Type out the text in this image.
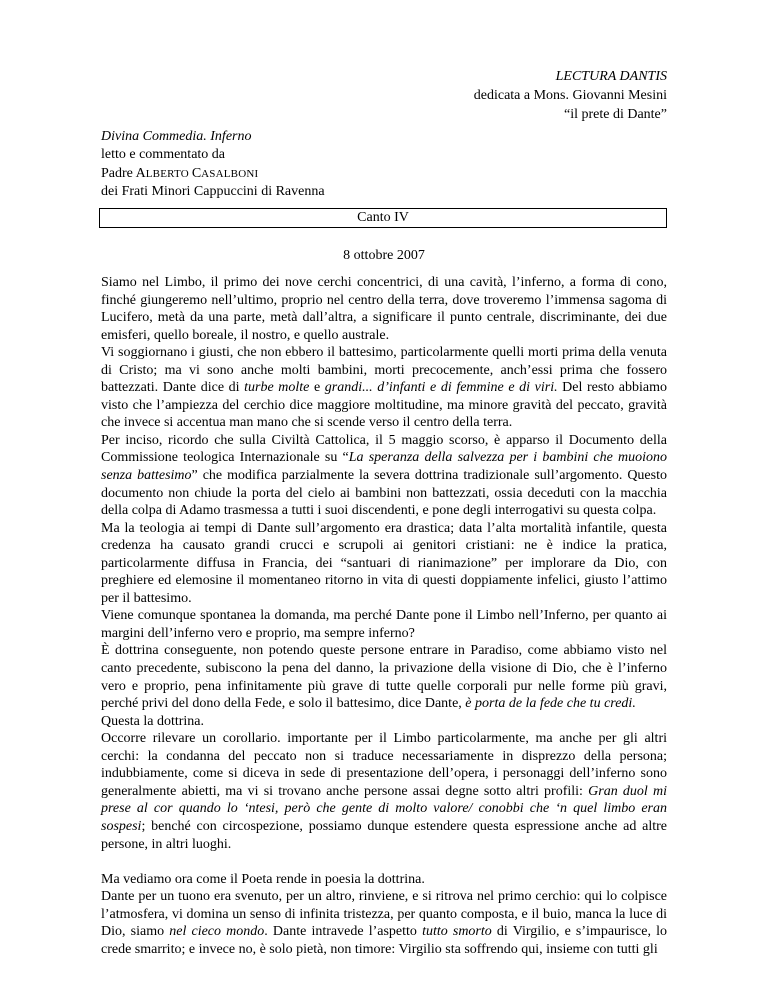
LECTURA DANTIS
dedicata a Mons. Giovanni Mesini
“il prete di Dante”
Divina Commedia. Inferno
letto e commentato da
Padre ALBERTO CASALBONI
dei Frati Minori Cappuccini di Ravenna
Canto IV
8 ottobre 2007

Siamo nel Limbo, il primo dei nove cerchi concentrici, di una cavità, l’inferno, a forma di cono, finché giungeremo nell’ultimo, proprio nel centro della terra, dove troveremo l’immensa sagoma di Lucifero, metà da una parte, metà dall’altra, a significare il punto centrale, discriminante, dei due emisferi, quello boreale, il nostro, e quello australe.

Vi soggiornano i giusti, che non ebbero il battesimo, particolarmente quelli morti prima della venuta di Cristo; ma vi sono anche molti bambini, morti precocemente, anch’essi prima che fossero battezzati. Dante dice di turbe molte e grandi... d’infanti e di femmine e di viri. Del resto abbiamo visto che l’ampiezza del cerchio dice maggiore moltitudine, ma minore gravità del peccato, gravità che invece si accentua man mano che si scende verso il centro della terra.

Per inciso, ricordo che sulla Civiltà Cattolica, il 5 maggio scorso, è apparso il Documento della Commissione teologica Internazionale su “La speranza della salvezza per i bambini che muoiono senza battesimo” che modifica parzialmente la severa dottrina tradizionale sull’argomento. Questo documento non chiude la porta del cielo ai bambini non battezzati, ossia deceduti con la macchia della colpa di Adamo trasmessa a tutti i suoi discendenti, e pone degli interrogativi su questa colpa.

Ma la teologia ai tempi di Dante sull’argomento era drastica; data l’alta mortalità infantile, questa credenza ha causato grandi crucci e scrupoli ai genitori cristiani: ne è indice la pratica, particolarmente diffusa in Francia, dei “santuari di rianimazione” per implorare da Dio, con preghiere ed elemosine il momentaneo ritorno in vita di questi doppiamente infelici, giusto l’attimo per il battesimo.

Viene comunque spontanea la domanda, ma perché Dante pone il Limbo nell’Inferno, per quanto ai margini dell’inferno vero e proprio, ma sempre inferno?

È dottrina conseguente, non potendo queste persone entrare in Paradiso, come abbiamo visto nel canto precedente, subiscono la pena del danno, la privazione della visione di Dio, che è l’inferno vero e proprio, pena infinitamente più grave di tutte quelle corporali pur nelle forme più gravi, perché privi del dono della Fede, e solo il battesimo, dice Dante, è porta de la fede che tu credi.

Questa la dottrina.

Occorre rilevare un corollario. importante per il Limbo particolarmente, ma anche per gli altri cerchi: la condanna del peccato non si traduce necessariamente in disprezzo della persona; indubbiamente, come si diceva in sede di presentazione dell’opera, i personaggi dell’inferno sono generalmente abietti, ma vi si trovano anche persone assai degne sotto altri profili: Gran duol mi prese al cor quando lo ‘ntesi, però che gente di molto valore/ conobbi che ‘n quel limbo eran sospesi; benché con circospezione, possiamo dunque estendere questa espressione anche ad altre persone, in altri luoghi.

Ma vediamo ora come il Poeta rende in poesia la dottrina.

Dante per un tuono era svenuto, per un altro, rinviene, e si ritrova nel primo cerchio: qui lo colpisce l’atmosfera, vi domina un senso di infinita tristezza, per quanto composta, e il buio, manca la luce di Dio, siamo nel cieco mondo. Dante intravede l’aspetto tutto smorto di Virgilio, e s’impaurisce, lo crede smarrito; e invece no, è solo pietà, non timore: Virgilio sta soffrendo qui, insieme con tutti gli
